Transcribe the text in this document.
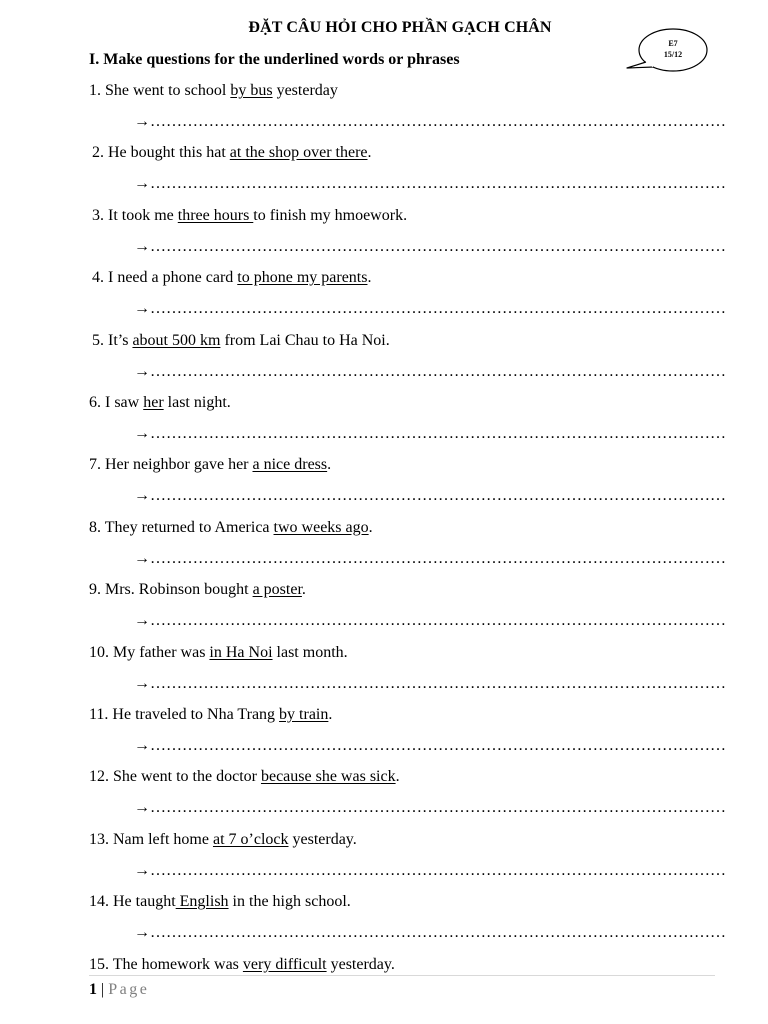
ĐẶT CÂU HỎI CHO PHẦN GẠCH CHÂN
I. Make questions for the underlined words or phrases
E7
15/12
1. She went to school by bus yesterday
→………………………………………………………………………………………………
2. He bought this hat at the shop over there.
→………………………………………………………………………………………………
3. It took me three hours to finish my hmoework.
→………………………………………………………………………………………………
4. I need a phone card to phone my parents.
→………………………………………………………………………………………………
5. It’s about 500 km from Lai Chau to Ha Noi.
→………………………………………………………………………………………………
6. I saw her last night.
→………………………………………………………………………………………………
7. Her neighbor gave her a nice dress.
→………………………………………………………………………………………………
8. They returned to America two weeks ago.
→………………………………………………………………………………………………
9. Mrs. Robinson bought a poster.
→………………………………………………………………………………………………
10. My father was in Ha Noi last month.
→………………………………………………………………………………………………
11. He traveled to Nha Trang by train.
→………………………………………………………………………………………………
12. She went to the doctor because she was sick.
→………………………………………………………………………………………………
13. Nam left home at 7 o’clock yesterday.
→………………………………………………………………………………………………
14. He taught English in the high school.
→………………………………………………………………………………………………
15. The homework was very difficult yesterday.
1 | Page
